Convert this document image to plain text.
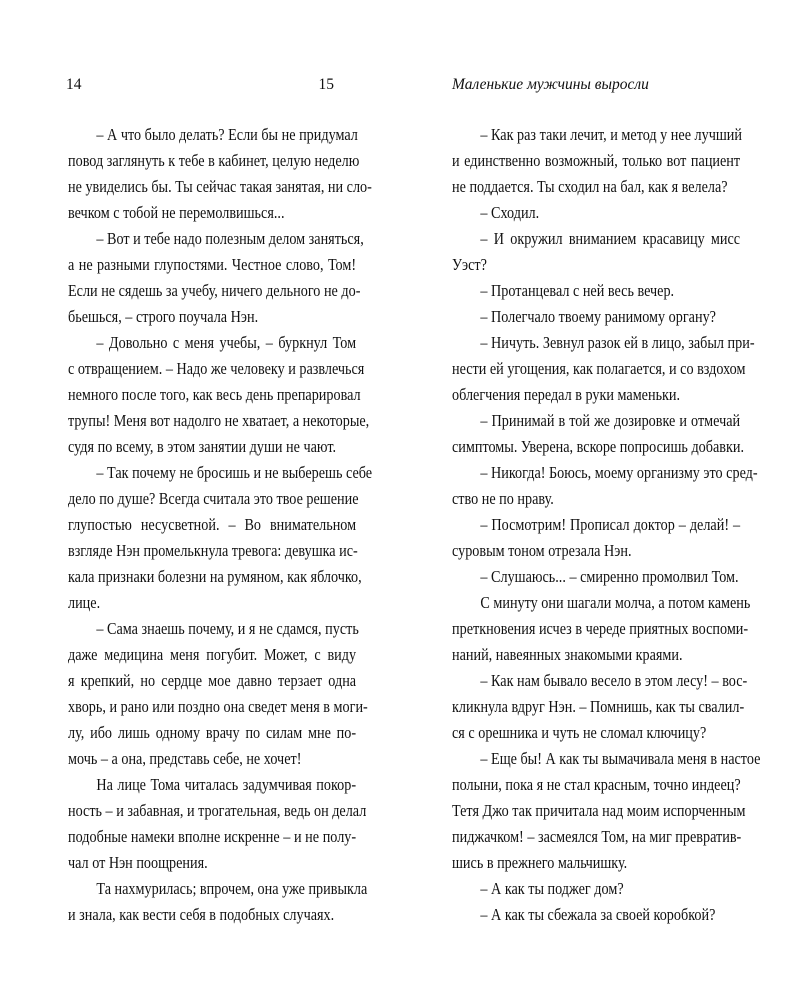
14
– А что было делать? Если бы не придумал
повод заглянуть к тебе в кабинет, целую неделю
не увиделись бы. Ты сейчас такая занятая, ни сло-
вечком с тобой не перемолвишься...
– Вот и тебе надо полезным делом заняться,
а не разными глупостями. Честное слово, Том!
Если не сядешь за учебу, ничего дельного не до-
бьешься, – строго поучала Нэн.
– Довольно с меня учебы, – буркнул Том
с отвращением. – Надо же человеку и развлечься
немного после того, как весь день препарировал
трупы! Меня вот надолго не хватает, а некоторые,
судя по всему, в этом занятии души не чают.
– Так почему не бросишь и не выберешь себе
дело по душе? Всегда считала это твое решение
глупостью несусветной. – Во внимательном
взгляде Нэн промелькнула тревога: девушка ис-
кала признаки болезни на румяном, как яблочко,
лице.
– Сама знаешь почему, и я не сдамся, пусть
даже медицина меня погубит. Может, с виду
я крепкий, но сердце мое давно терзает одна
хворь, и рано или поздно она сведет меня в моги-
лу, ибо лишь одному врачу по силам мне по-
мочь – а она, представь себе, не хочет!
На лице Тома читалась задумчивая покор-
ность – и забавная, и трогательная, ведь он делал
подобные намеки вполне искренне – и не полу-
чал от Нэн поощрения.
Та нахмурилась; впрочем, она уже привыкла
и знала, как вести себя в подобных случаях.
Маленькие мужчины выросли
15
– Как раз таки лечит, и метод у нее лучший
и единственно возможный, только вот пациент
не поддается. Ты сходил на бал, как я велела?
– Сходил.
– И окружил вниманием красавицу мисс
Уэст?
– Протанцевал с ней весь вечер.
– Полегчало твоему ранимому органу?
– Ничуть. Зевнул разок ей в лицо, забыл при-
нести ей угощения, как полагается, и со вздохом
облегчения передал в руки маменьки.
– Принимай в той же дозировке и отмечай
симптомы. Уверена, вскоре попросишь добавки.
– Никогда! Боюсь, моему организму это сред-
ство не по нраву.
– Посмотрим! Прописал доктор – делай! –
суровым тоном отрезала Нэн.
– Слушаюсь... – смиренно промолвил Том.
С минуту они шагали молча, а потом камень
преткновения исчез в череде приятных воспоми-
наний, навеянных знакомыми краями.
– Как нам бывало весело в этом лесу! – вос-
кликнула вдруг Нэн. – Помнишь, как ты свалил-
ся с орешника и чуть не сломал ключицу?
– Еще бы! А как ты вымачивала меня в настое
полыни, пока я не стал красным, точно индеец?
Тетя Джо так причитала над моим испорченным
пиджачком! – засмеялся Том, на миг превратив-
шись в прежнего мальчишку.
– А как ты поджег дом?
– А как ты сбежала за своей коробкой?
